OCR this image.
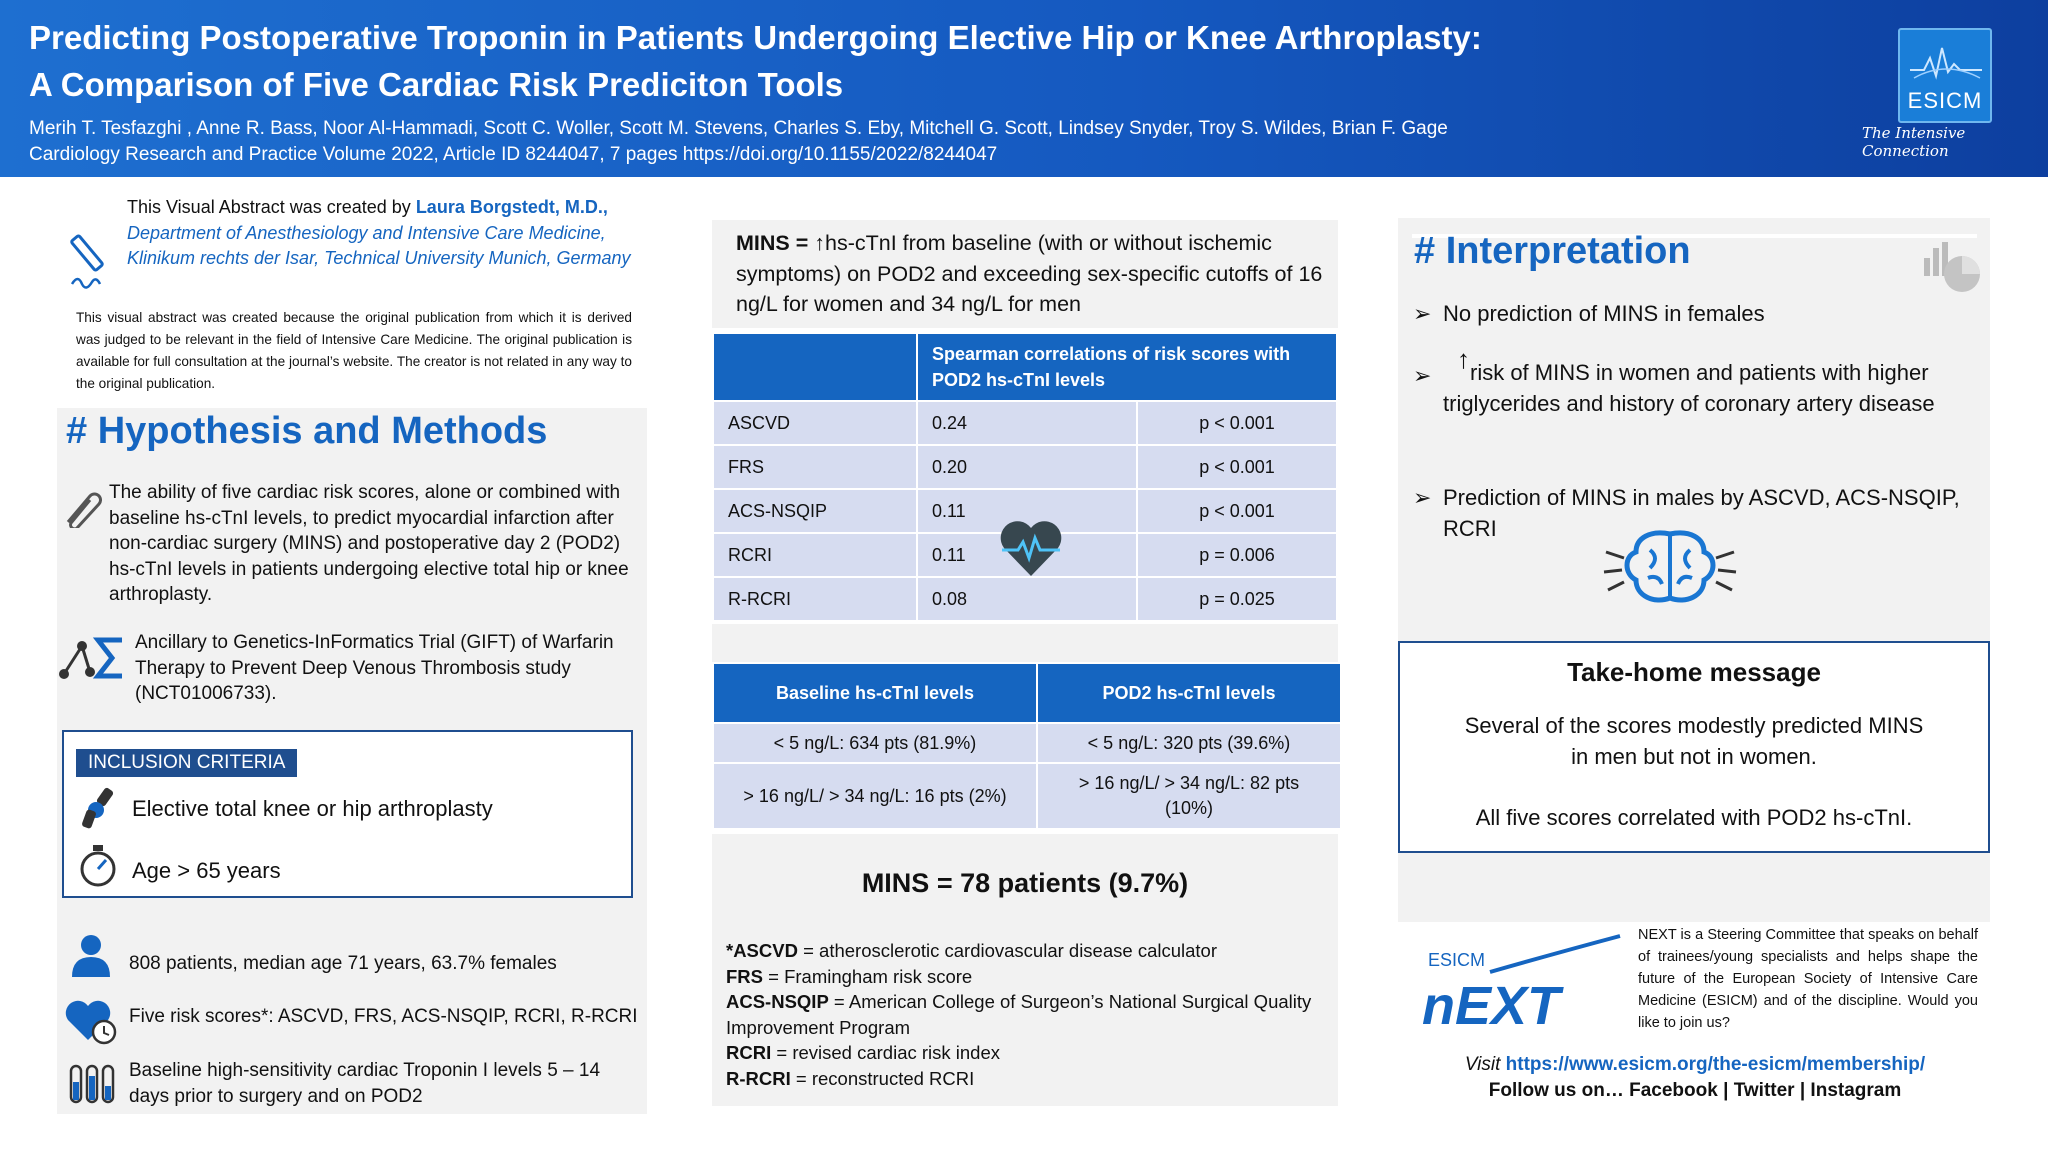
Predicting Postoperative Troponin in Patients Undergoing Elective Hip or Knee Arthroplasty:
A Comparison of Five Cardiac Risk Prediciton Tools
Merih T. Tesfazghi , Anne R. Bass, Noor Al-Hammadi, Scott C. Woller, Scott M. Stevens, Charles S. Eby, Mitchell G. Scott, Lindsey Snyder, Troy S. Wildes, Brian F. Gage
Cardiology Research and Practice Volume 2022, Article ID 8244047, 7 pages https://doi.org/10.1155/2022/8244047
ESICM
The Intensive Connection
This Visual Abstract was created by Laura Borgstedt, M.D.,
Department of Anesthesiology and Intensive Care Medicine, Klinikum rechts der Isar, Technical University Munich, Germany
This visual abstract was created because the original publication from which it is derived was judged to be relevant in the field of Intensive Care Medicine. The original publication is available for full consultation at the journal’s website. The creator is not related in any way to the original publication.
# Hypothesis and Methods
The ability of five cardiac risk scores, alone or combined with baseline hs-cTnI levels, to predict myocardial infarction after non-cardiac surgery (MINS) and postoperative day 2 (POD2) hs-cTnI levels in patients undergoing elective total hip or knee arthroplasty.
Ancillary to Genetics-InFormatics Trial (GIFT) of Warfarin Therapy to Prevent Deep Venous Thrombosis study (NCT01006733).
INCLUSION CRITERIA
Elective total knee or hip arthroplasty
Age > 65 years
808 patients, median age 71 years, 63.7% females
Five risk scores*: ASCVD, FRS, ACS-NSQIP, RCRI, R-RCRI
Baseline high-sensitivity cardiac Troponin I levels 5 – 14 days prior to surgery and on POD2
MINS = ↑hs-cTnI from baseline (with or without ischemic symptoms) on POD2 and exceeding sex-specific cutoffs of 16 ng/L for women and 34 ng/L for men
	Spearman correlations of risk scores with POD2 hs-cTnI levels	
ASCVD	0.24	p < 0.001
FRS	0.20	p < 0.001
ACS-NSQIP	0.11	p < 0.001
RCRI	0.11	p = 0.006
R-RCRI	0.08	p = 0.025
Baseline hs-cTnI levels	POD2 hs-cTnI levels
< 5 ng/L: 634 pts (81.9%)	< 5 ng/L: 320 pts (39.6%)
> 16 ng/L/ > 34 ng/L: 16 pts (2%)	> 16 ng/L/ > 34 ng/L: 82 pts (10%)
MINS = 78 patients (9.7%)
*ASCVD = atherosclerotic cardiovascular disease calculator
FRS = Framingham risk score
ACS-NSQIP = American College of Surgeon’s National Surgical Quality Improvement Program
RCRI = revised cardiac risk index
R-RCRI = reconstructed RCRI
# Interpretation
➢ No prediction of MINS in females
➢
↑risk of MINS in women and patients with higher triglycerides and history of coronary artery disease
➢ Prediction of MINS in males by ASCVD, ACS-NSQIP, RCRI
Take-home message
Several of the scores modestly predicted MINS in men but not in women.
All five scores correlated with POD2 hs-cTnI.
ESICM
nEXT
NEXT is a Steering Committee that speaks on behalf of trainees/young specialists and helps shape the future of the European Society of Intensive Care Medicine (ESICM) and of the discipline. Would you like to join us?
Visit https://www.esicm.org/the-esicm/membership/
Follow us on… Facebook | Twitter | Instagram
